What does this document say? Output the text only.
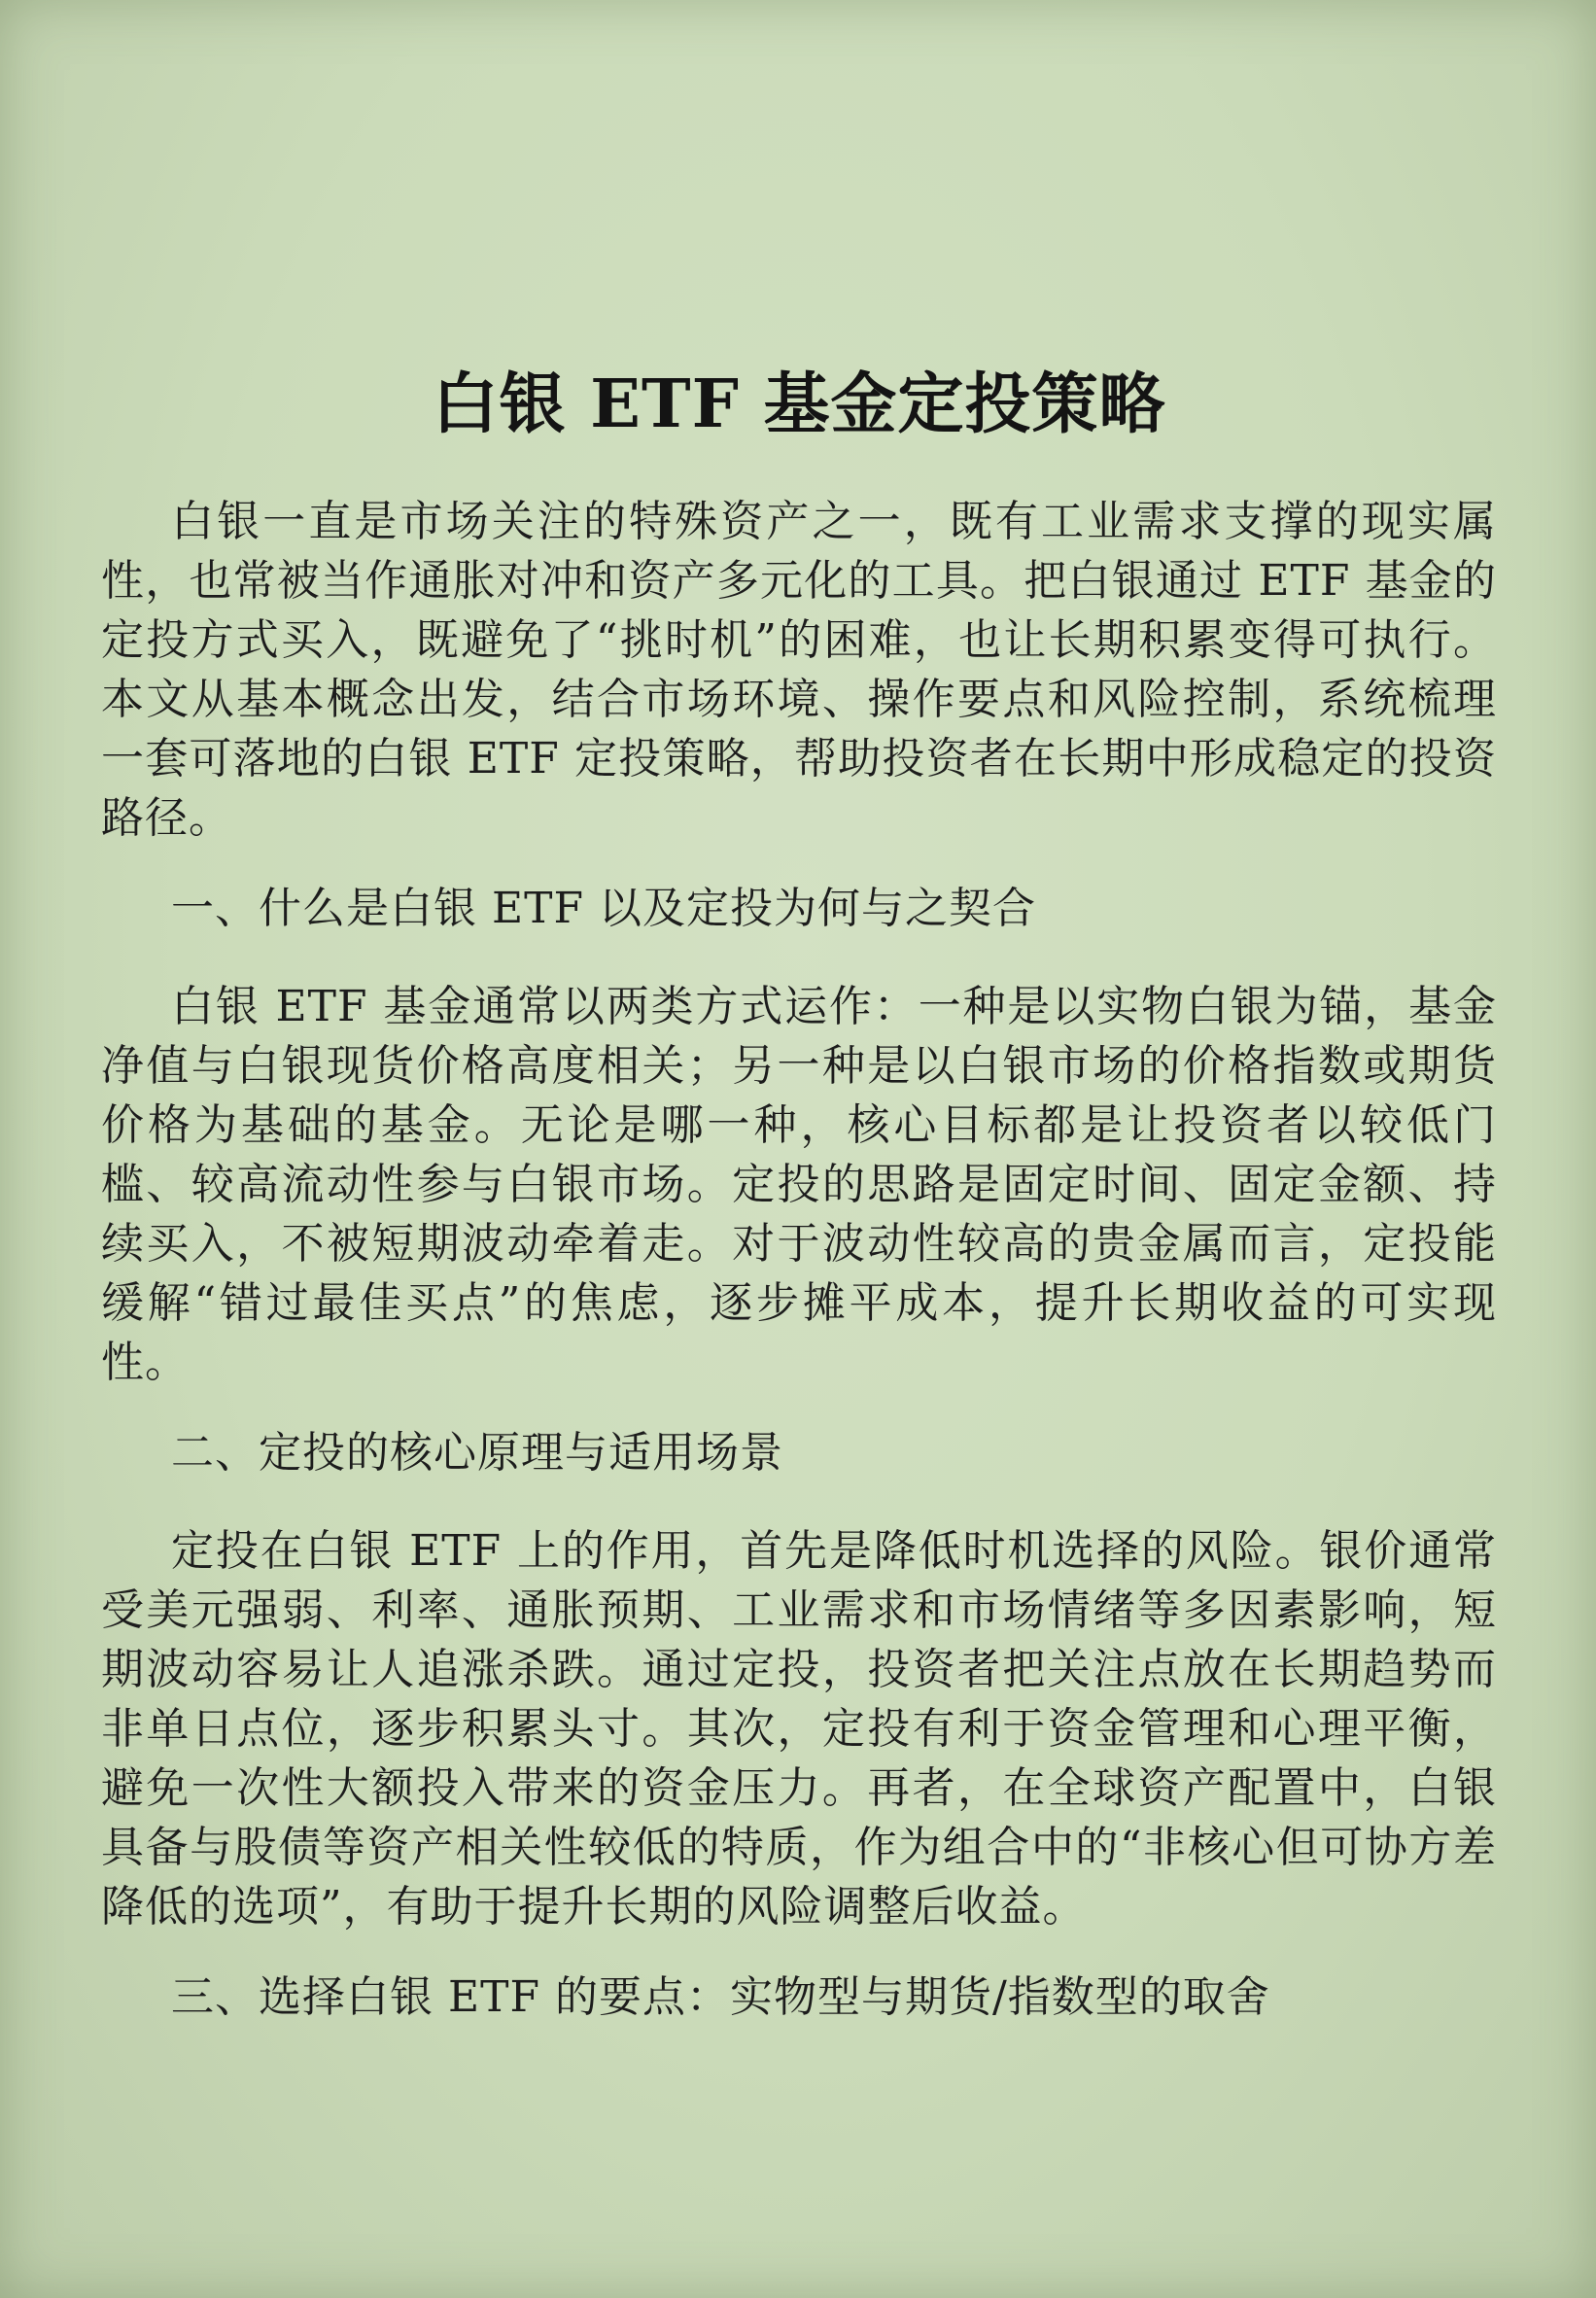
白银 ETF 基金定投策略

白银一直是市场关注的特殊资产之一，既有工业需求支撑的现实属性，也常被当作通胀对冲和资产多元化的工具。把白银通过 ETF 基金的定投方式买入，既避免了“挑时机”的困难，也让长期积累变得可执行。本文从基本概念出发，结合市场环境、操作要点和风险控制，系统梳理一套可落地的白银 ETF 定投策略，帮助投资者在长期中形成稳定的投资路径。

一、什么是白银 ETF 以及定投为何与之契合

白银 ETF 基金通常以两类方式运作：一种是以实物白银为锚，基金净值与白银现货价格高度相关；另一种是以白银市场的价格指数或期货价格为基础的基金。无论是哪一种，核心目标都是让投资者以较低门槛、较高流动性参与白银市场。定投的思路是固定时间、固定金额、持续买入，不被短期波动牵着走。对于波动性较高的贵金属而言，定投能缓解“错过最佳买点”的焦虑，逐步摊平成本，提升长期收益的可实现性。

二、定投的核心原理与适用场景

定投在白银 ETF 上的作用，首先是降低时机选择的风险。银价通常受美元强弱、利率、通胀预期、工业需求和市场情绪等多因素影响，短期波动容易让人追涨杀跌。通过定投，投资者把关注点放在长期趋势而非单日点位，逐步积累头寸。其次，定投有利于资金管理和心理平衡，避免一次性大额投入带来的资金压力。再者，在全球资产配置中，白银具备与股债等资产相关性较低的特质，作为组合中的“非核心但可协方差降低的选项”，有助于提升长期的风险调整后收益。

三、选择白银 ETF 的要点：实物型与期货/指数型的取舍
